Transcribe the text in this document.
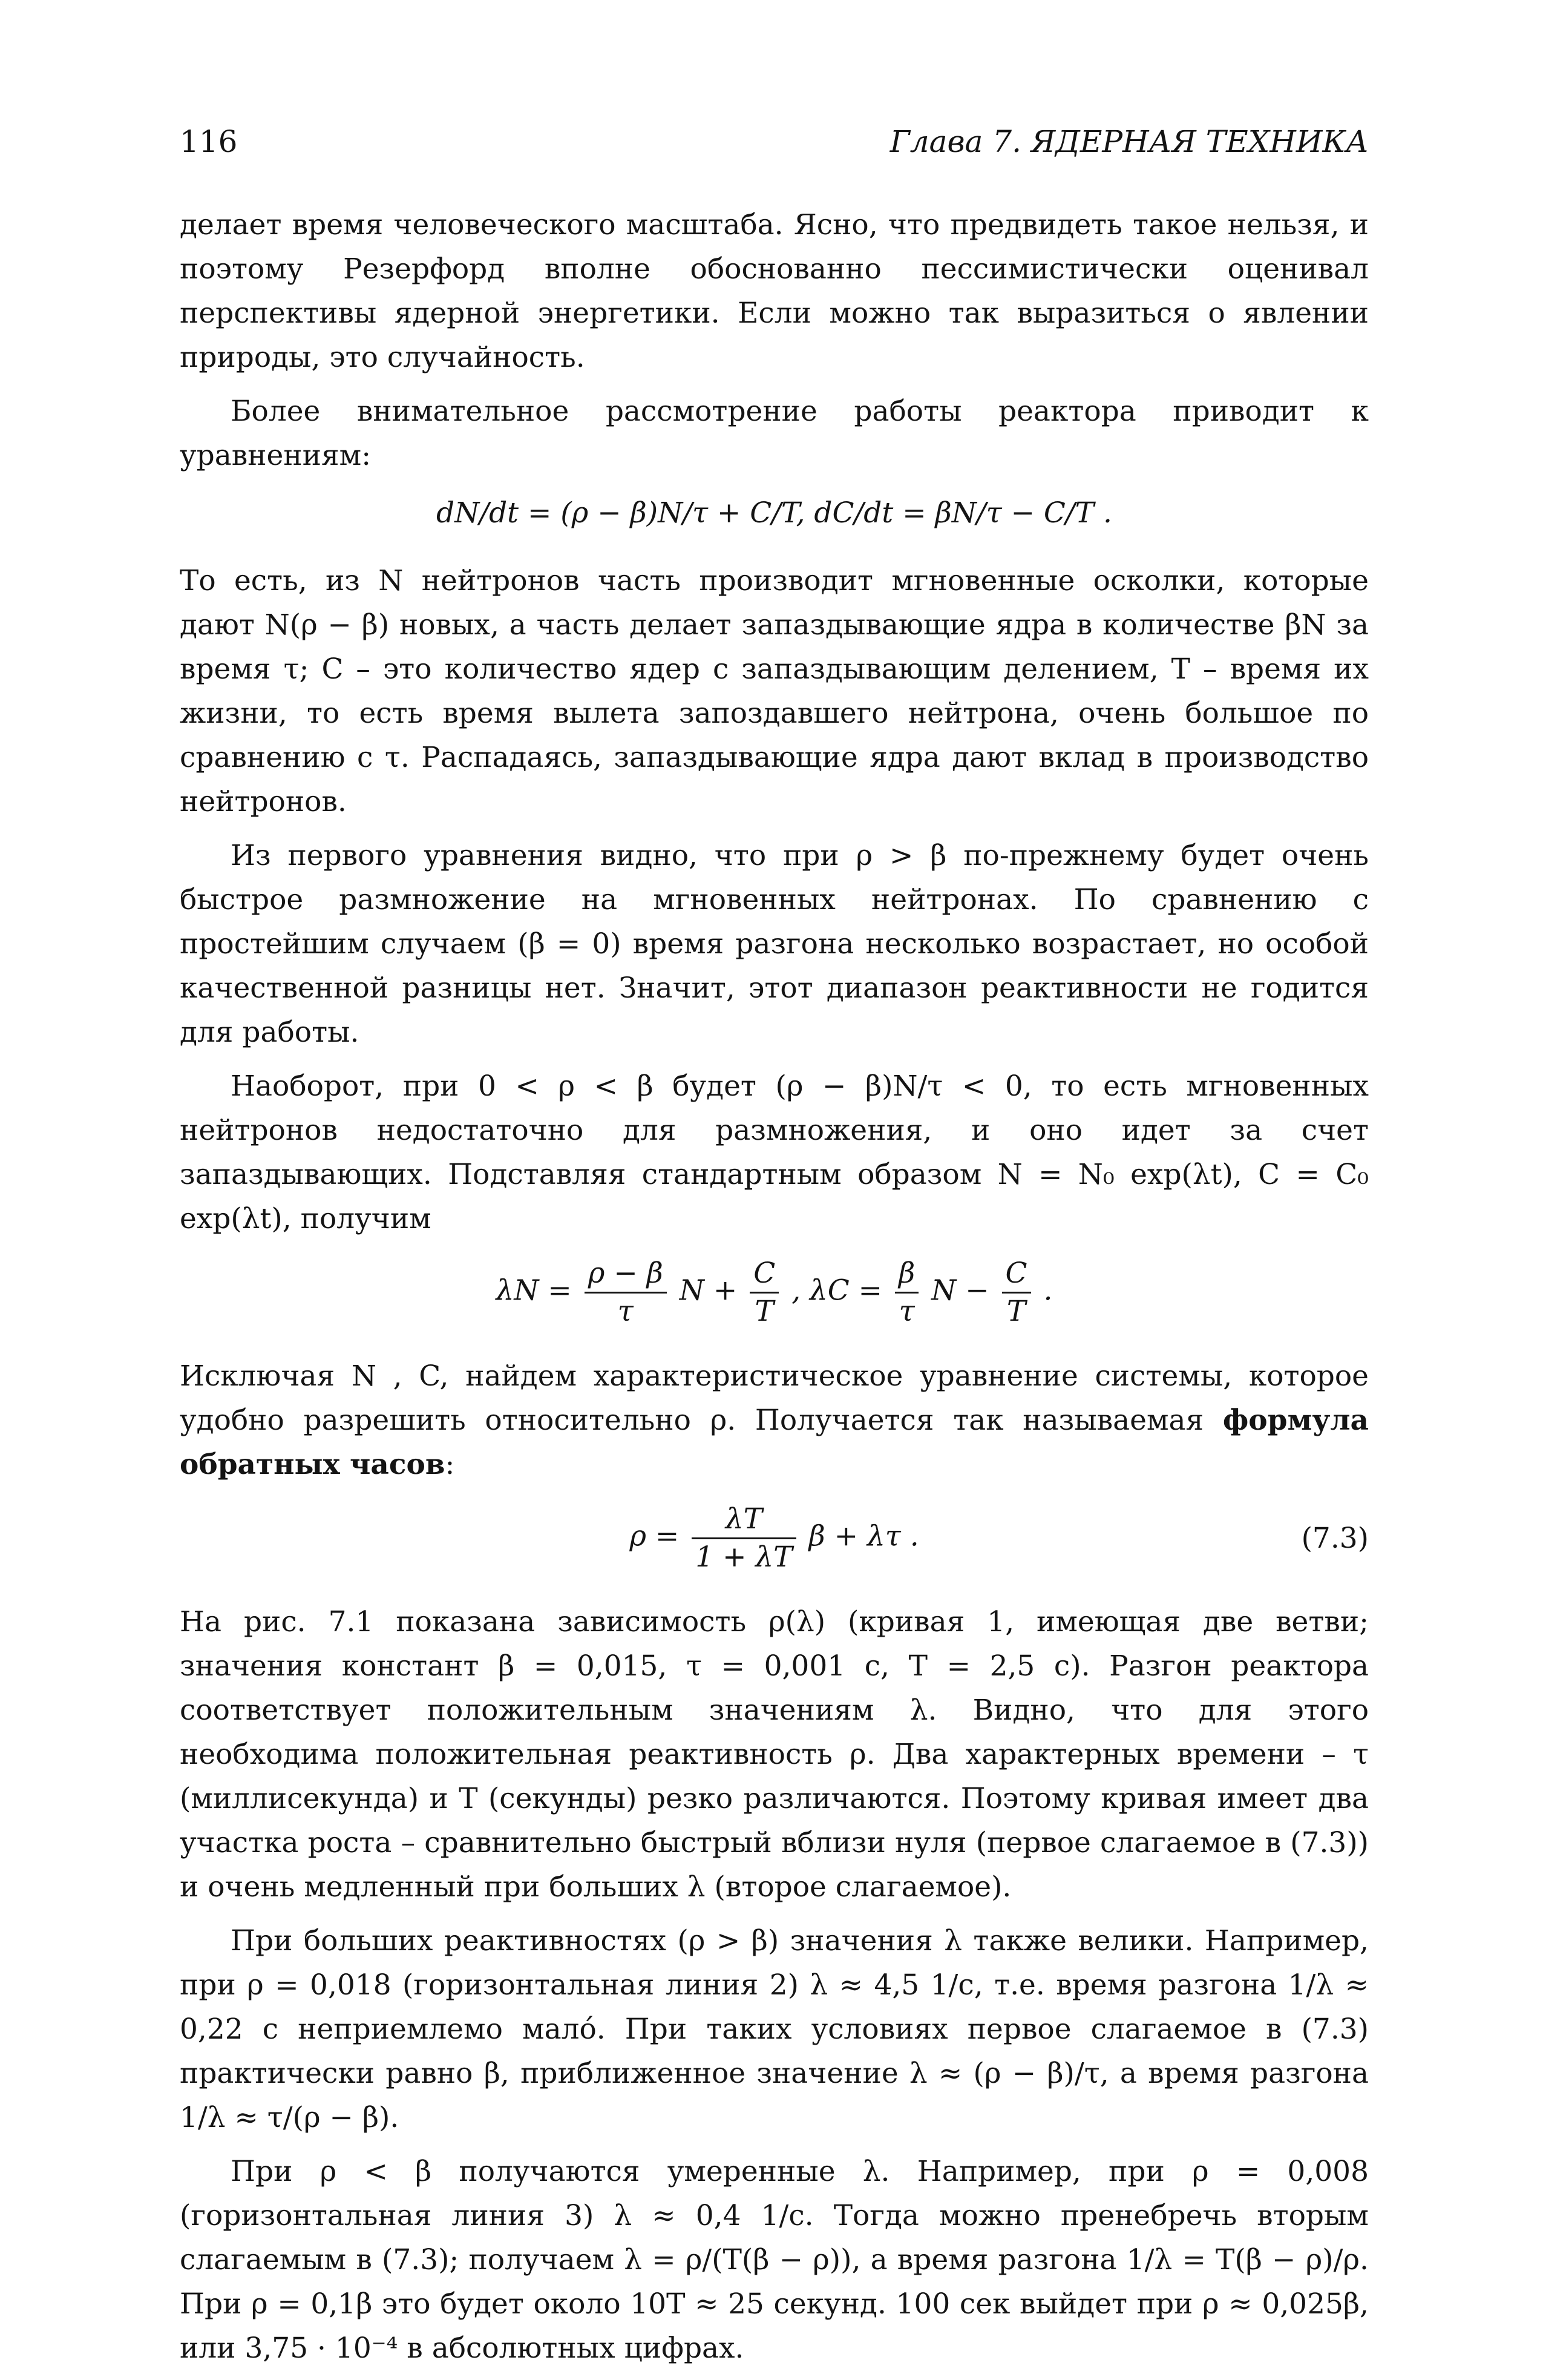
116	Глава 7. ЯДЕРНАЯ ТЕХНИКА

делает время человеческого масштаба. Ясно, что предвидеть такое нельзя, и поэтому Резерфорд вполне обоснованно пессимистически оценивал перспективы ядерной энергетики. Если можно так выразиться о явлении природы, это случайность.

Более внимательное рассмотрение работы реактора приводит к уравнениям:

dN/dt = (ρ − β)N/τ + C/T, dC/dt = βN/τ − C/T .

То есть, из N нейтронов часть производит мгновенные осколки, которые дают N(ρ − β) новых, а часть делает запаздывающие ядра в количестве βN за время τ; C – это количество ядер с запаздывающим делением, T – время их жизни, то есть время вылета запоздавшего нейтрона, очень большое по сравнению с τ. Распадаясь, запаздывающие ядра дают вклад в производство нейтронов.

Из первого уравнения видно, что при ρ > β по-прежнему будет очень быстрое размножение на мгновенных нейтронах. По сравнению с простейшим случаем (β = 0) время разгона несколько возрастает, но особой качественной разницы нет. Значит, этот диапазон реактивности не годится для работы.

Наоборот, при 0 < ρ < β будет (ρ − β)N/τ < 0, то есть мгновенных нейтронов недостаточно для размножения, и оно идет за счет запаздывающих. Подставляя стандартным образом N = N₀ exp(λt), C = C₀ exp(λt), получим

$\lambda N = \frac{\rho - \beta}{\tau}$ $N + \frac{C}{T}$ , $\lambda C = \frac{\beta}{\tau}$ $N - \frac{C}{T}$ .

Исключая N , C, найдем характеристическое уравнение системы, которое удобно разрешить относительно ρ. Получается так называемая формула обратных часов:

$\rho = \frac{\lambda T}{1 + \lambda T}$ β + λτ .	(7.3)

На рис. 7.1 показана зависимость ρ(λ) (кривая 1, имеющая две ветви; значения констант β = 0,015, τ = 0,001 с, T = 2,5 с). Разгон реактора соответствует положительным значениям λ. Видно, что для этого необходима положительная реактивность ρ. Два характерных времени – τ (миллисекунда) и T (секунды) резко различаются. Поэтому кривая имеет два участка роста – сравнительно быстрый вблизи нуля (первое слагаемое в (7.3)) и очень медленный при больших λ (второе слагаемое).

При больших реактивностях (ρ > β) значения λ также велики. Например, при ρ = 0,018 (горизонтальная линия 2) λ ≈ 4,5 1/с, т.е. время разгона 1/λ ≈ 0,22 с неприемлемо мало́. При таких условиях первое слагаемое в (7.3) практически равно β, приближенное значение λ ≈ (ρ − β)/τ, а время разгона 1/λ ≈ τ/(ρ − β).

При ρ < β получаются умеренные λ. Например, при ρ = 0,008 (горизонтальная линия 3) λ ≈ 0,4 1/с. Тогда можно пренебречь вторым слагаемым в (7.3); получаем λ = ρ/(T(β − ρ)), а время разгона 1/λ = T(β − ρ)/ρ. При ρ = 0,1β это будет около 10T ≈ 25 секунд. 100 сек выйдет при ρ ≈ 0,025β, или 3,75 · 10⁻⁴ в абсолютных цифрах.
